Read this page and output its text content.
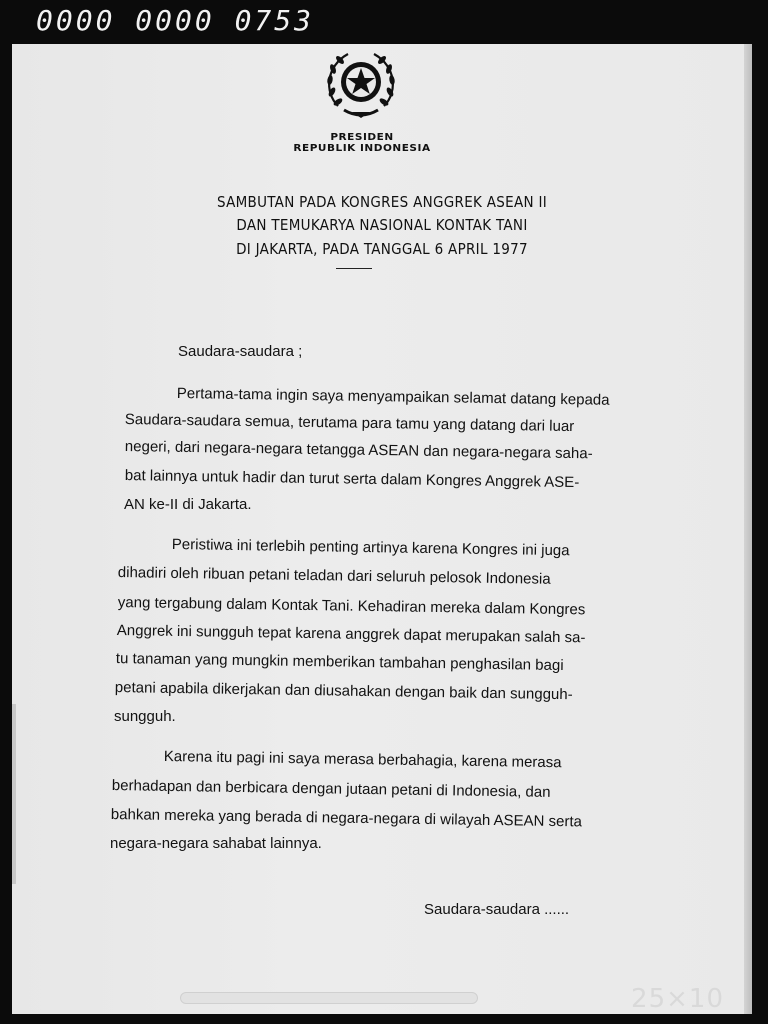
0000 0000 0753
PRESIDEN
REPUBLIK INDONESIA
SAMBUTAN PADA KONGRES ANGGREK ASEAN II
DAN TEMUKARYA NASIONAL KONTAK TANI
DI JAKARTA, PADA TANGGAL 6 APRIL 1977
Saudara-saudara ;
Pertama-tama ingin saya menyampaikan selamat datang kepada
Saudara-saudara semua, terutama para tamu yang datang dari luar
negeri, dari negara-negara tetangga ASEAN dan negara-negara saha-
bat lainnya untuk hadir dan turut serta dalam Kongres Anggrek ASE-
AN ke-II di Jakarta.
Peristiwa ini terlebih penting artinya karena Kongres ini juga
dihadiri oleh ribuan petani teladan dari seluruh pelosok Indonesia
yang tergabung dalam Kontak Tani. Kehadiran mereka dalam Kongres
Anggrek ini sungguh tepat karena anggrek dapat merupakan salah sa-
tu tanaman yang mungkin memberikan tambahan penghasilan bagi
petani apabila dikerjakan dan diusahakan dengan baik dan sungguh-
sungguh.
Karena itu pagi ini saya merasa berbahagia, karena merasa
berhadapan dan berbicara dengan jutaan petani di Indonesia, dan
bahkan mereka yang berada di negara-negara di wilayah ASEAN serta
negara-negara sahabat lainnya.
Saudara-saudara ......
25×10
